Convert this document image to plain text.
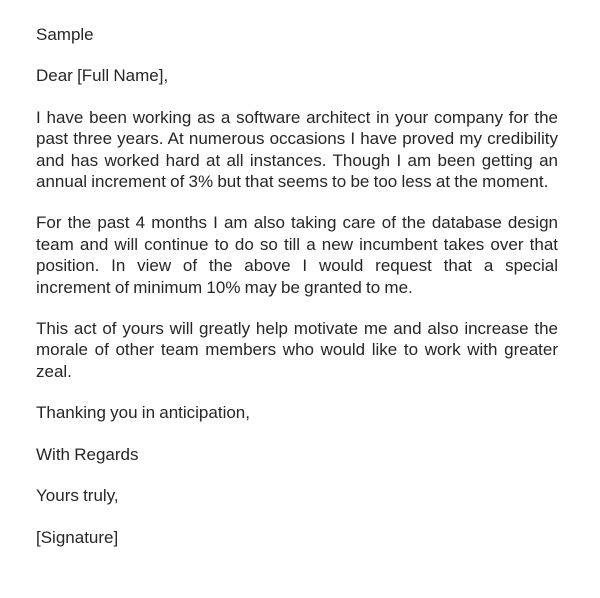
Sample
Dear [Full Name],
I have been working as a software architect in your company for the
past three years. At numerous occasions I have proved my credibility
and has worked hard at all instances. Though I am been getting an
annual increment of 3% but that seems to be too less at the moment.
For the past 4 months I am also taking care of the database design
team and will continue to do so till a new incumbent takes over that
position. In view of the above I would request that a special
increment of minimum 10% may be granted to me.
This act of yours will greatly help motivate me and also increase the
morale of other team members who would like to work with greater
zeal.
Thanking you in anticipation,
With Regards
Yours truly,
[Signature]
